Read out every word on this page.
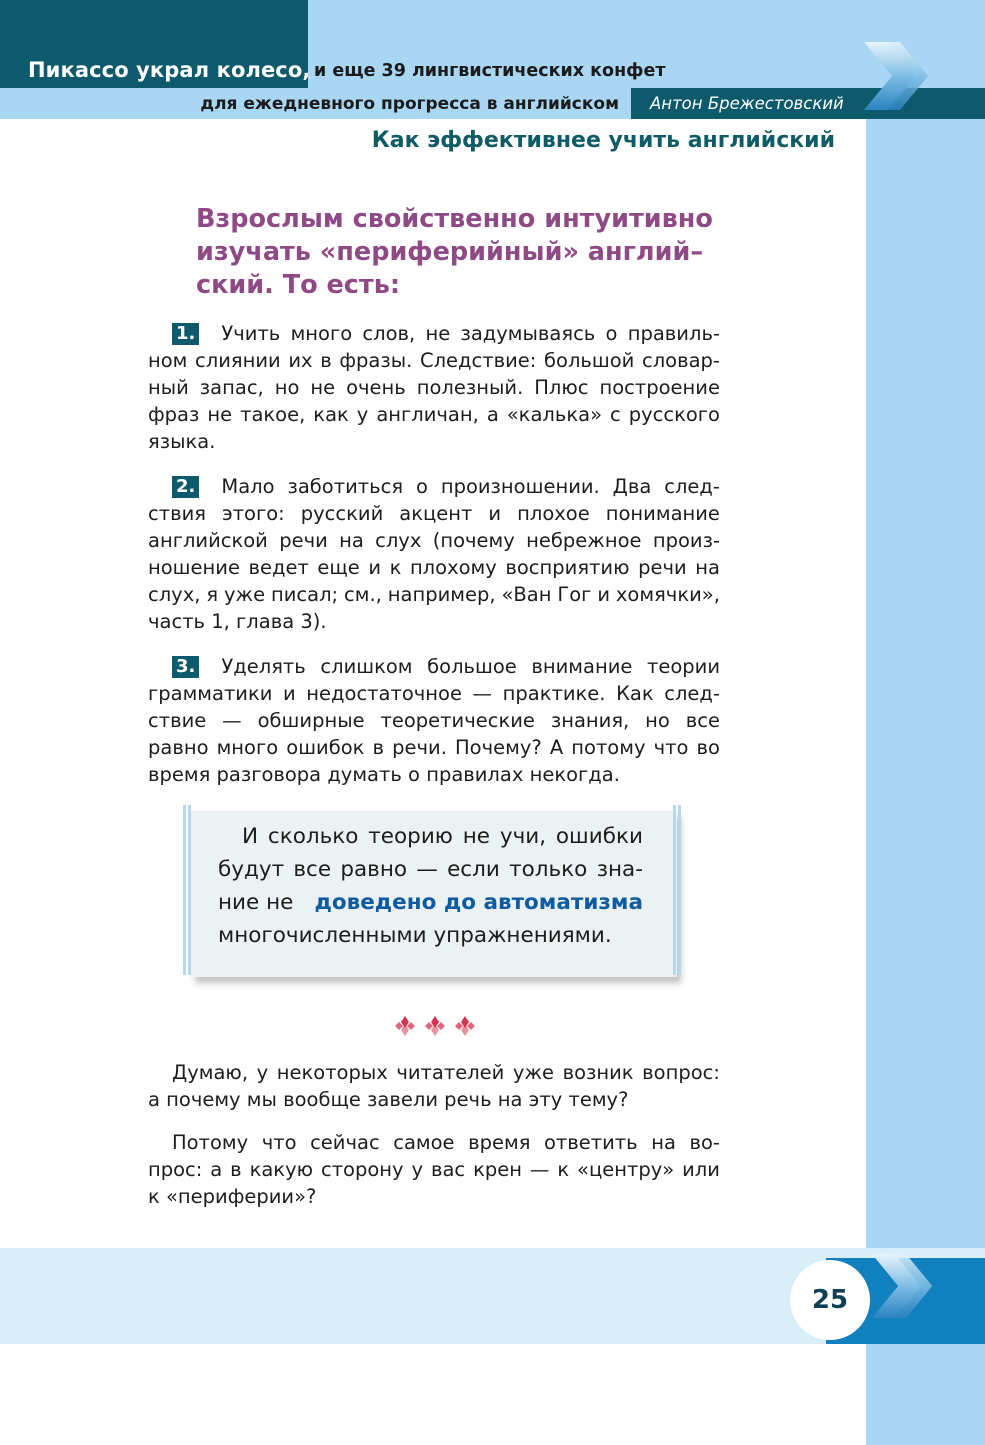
Пикассо украл колесо, и еще 39 лингвистических конфет
для ежедневного прогресса в английском Антон Брежестовский
Как эффективнее учить английский
Взрослым свойственно интуитивно
изучать «периферийный» англий–
ский. То есть:
1. Учить много слов, не задумываясь о правиль-
ном слиянии их в фразы. Следствие: большой словар-
ный запас, но не очень полезный. Плюс построение
фраз не такое, как у англичан, а «калька» с русского
языка.
2. Мало заботиться о произношении. Два след-
ствия этого: русский акцент и плохое понимание
английской речи на слух (почему небрежное произ-
ношение ведет еще и к плохому восприятию речи на
слух, я уже писал; см., например, «Ван Гог и хомячки»,
часть 1, глава 3).
3. Уделять слишком большое внимание теории
грамматики и недостаточное — практике. Как след-
ствие — обширные теоретические знания, но все
равно много ошибок в речи. Почему? А потому что во
время разговора думать о правилах некогда.
И сколько теорию не учи, ошибки
будут все равно — если только зна-
ние не доведено до автоматизма
многочисленными упражнениями.
Думаю, у некоторых читателей уже возник вопрос:
а почему мы вообще завели речь на эту тему?
Потому что сейчас самое время ответить на во-
прос: а в какую сторону у вас крен — к «центру» или
к «периферии»?
25
